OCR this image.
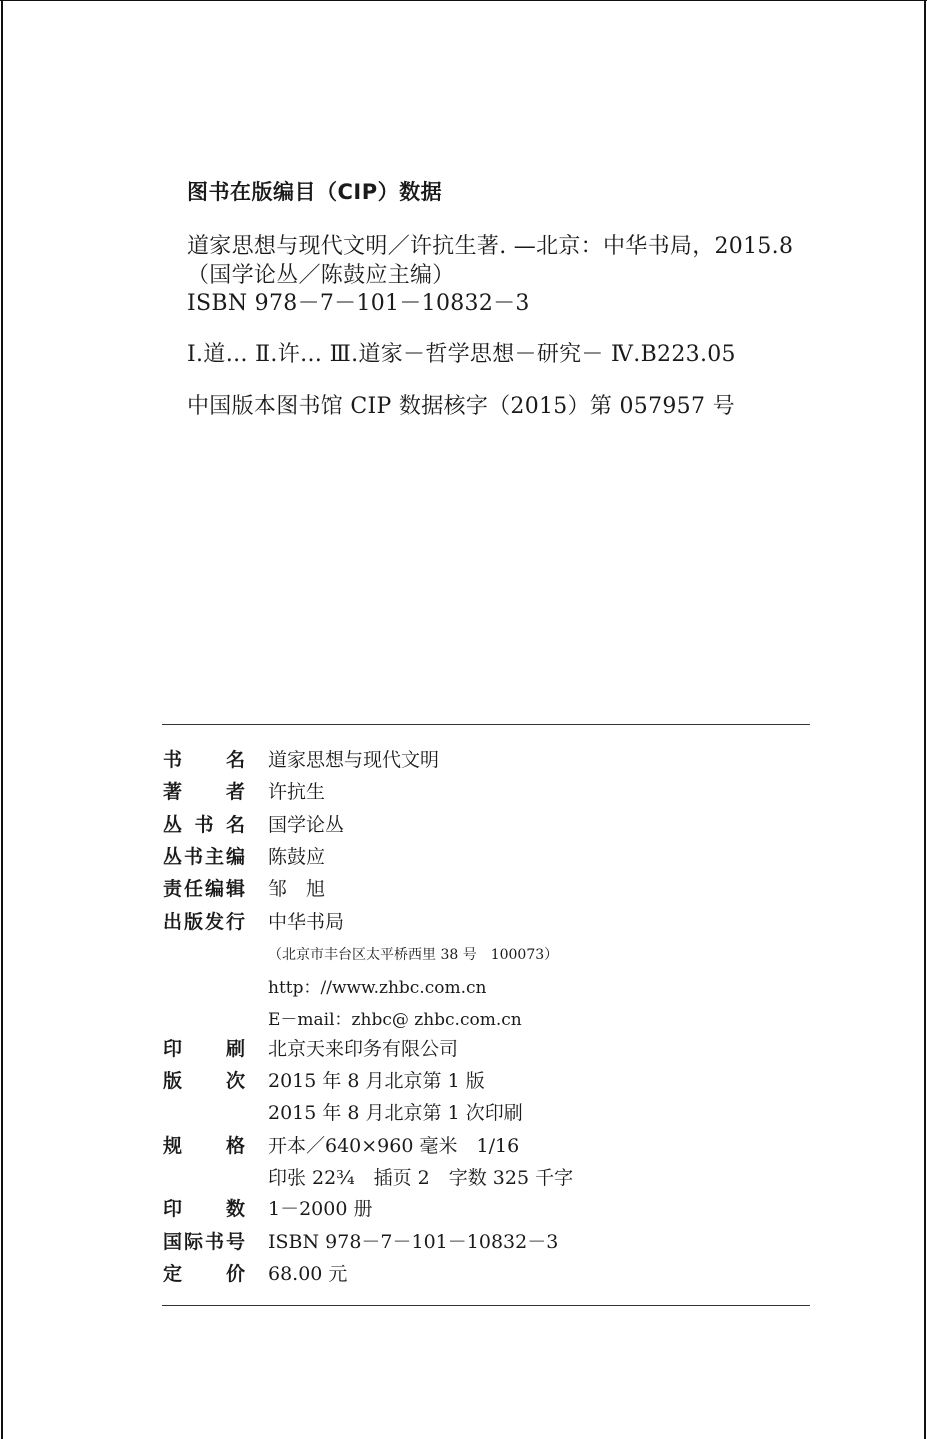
图书在版编目（CIP）数据
道家思想与现代文明／许抗生著. —北京：中华书局，2015.8
（国学论丛／陈鼓应主编）
ISBN 978－7－101－10832－3
Ⅰ.道… Ⅱ.许… Ⅲ.道家－哲学思想－研究－ Ⅳ.B223.05
中国版本图书馆 CIP 数据核字（2015）第 057957 号
书名 道家思想与现代文明
著者 许抗生
丛书名 国学论丛
丛书主编 陈鼓应
责任编辑 邹　旭
出版发行 中华书局
（北京市丰台区太平桥西里 38 号　100073）
http：//www.zhbc.com.cn
E－mail：zhbc@ zhbc.com.cn
印刷 北京天来印务有限公司
版次 2015 年 8 月北京第 1 版
2015 年 8 月北京第 1 次印刷
规格 开本／640×960 毫米　1/16
印张 22¾　插页 2　字数 325 千字
印数 1－2000 册
国际书号 ISBN 978－7－101－10832－3
定价 68.00 元
